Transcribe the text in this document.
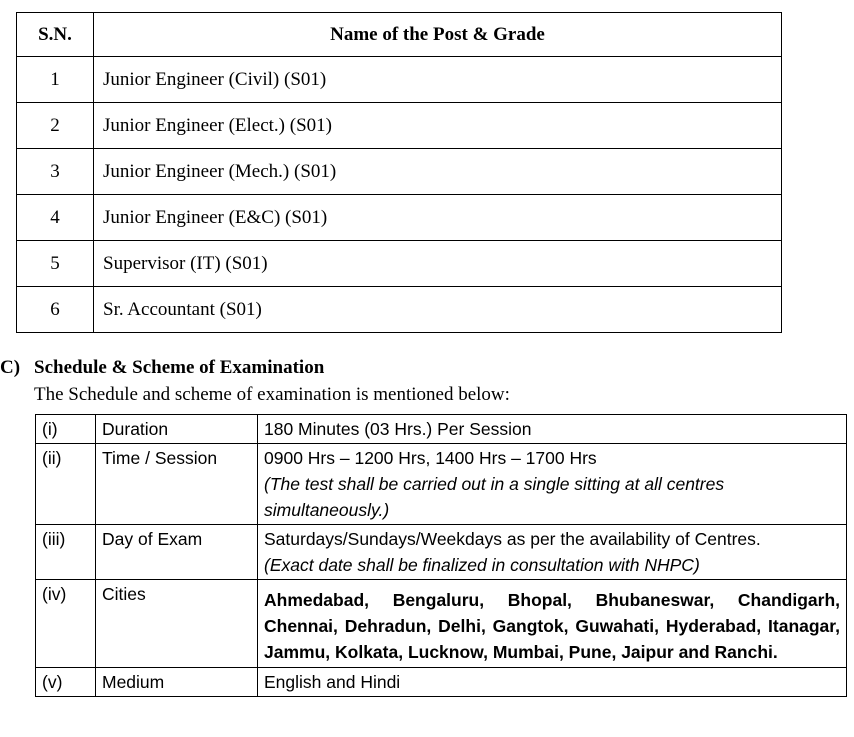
S.N.	Name of the Post & Grade
1	Junior Engineer (Civil) (S01)
2	Junior Engineer (Elect.) (S01)
3	Junior Engineer (Mech.) (S01)
4	Junior Engineer (E&C) (S01)
5	Supervisor (IT) (S01)
6	Sr. Accountant (S01)
C) Schedule & Scheme of Examination
The Schedule and scheme of examination is mentioned below:
(i)	Duration	180 Minutes (03 Hrs.) Per Session
(ii)	Time / Session	0900 Hrs – 1200 Hrs, 1400 Hrs – 1700 Hrs
(The test shall be carried out in a single sitting at all centres simultaneously.)

(iii)	Day of Exam	Saturdays/Sundays/Weekdays as per the availability of Centres.
(Exact date shall be finalized in consultation with NHPC)

(iv)	Cities	Ahmedabad, Bengaluru, Bhopal, Bhubaneswar, Chandigarh, Chennai, Dehradun, Delhi, Gangtok, Guwahati, Hyderabad, Itanagar, Jammu, Kolkata, Lucknow, Mumbai, Pune, Jaipur and Ranchi.
(v)	Medium	English and Hindi
